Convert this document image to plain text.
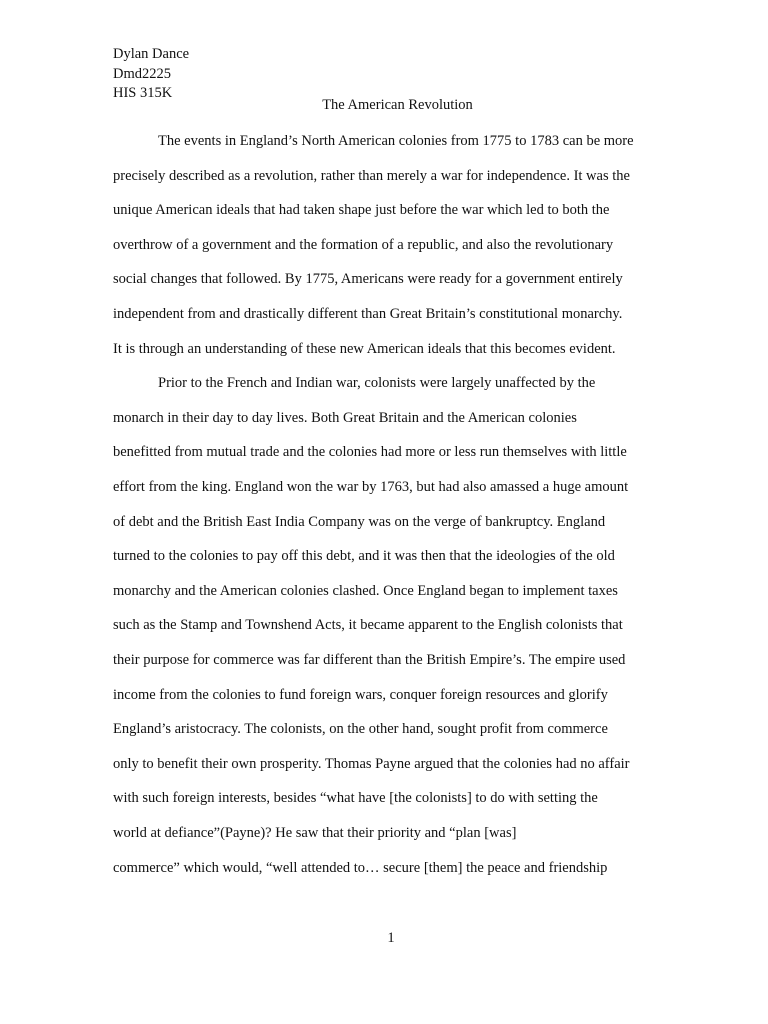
Dylan Dance
Dmd2225
HIS 315K
The American Revolution
The events in England’s North American colonies from 1775 to 1783 can be more
precisely described as a revolution, rather than merely a war for independence. It was the
unique American ideals that had taken shape just before the war which led to both the
overthrow of a government and the formation of a republic, and also the revolutionary
social changes that followed. By 1775, Americans were ready for a government entirely
independent from and drastically different than Great Britain’s constitutional monarchy.
It is through an understanding of these new American ideals that this becomes evident.
Prior to the French and Indian war, colonists were largely unaffected by the
monarch in their day to day lives. Both Great Britain and the American colonies
benefitted from mutual trade and the colonies had more or less run themselves with little
effort from the king. England won the war by 1763, but had also amassed a huge amount
of debt and the British East India Company was on the verge of bankruptcy. England
turned to the colonies to pay off this debt, and it was then that the ideologies of the old
monarchy and the American colonies clashed. Once England began to implement taxes
such as the Stamp and Townshend Acts, it became apparent to the English colonists that
their purpose for commerce was far different than the British Empire’s. The empire used
income from the colonies to fund foreign wars, conquer foreign resources and glorify
England’s aristocracy. The colonists, on the other hand, sought profit from commerce
only to benefit their own prosperity. Thomas Payne argued that the colonies had no affair
with such foreign interests, besides “what have [the colonists] to do with setting the
world at defiance”(Payne)? He saw that their priority and “plan [was]
commerce” which would, “well attended to… secure [them] the peace and friendship
1
